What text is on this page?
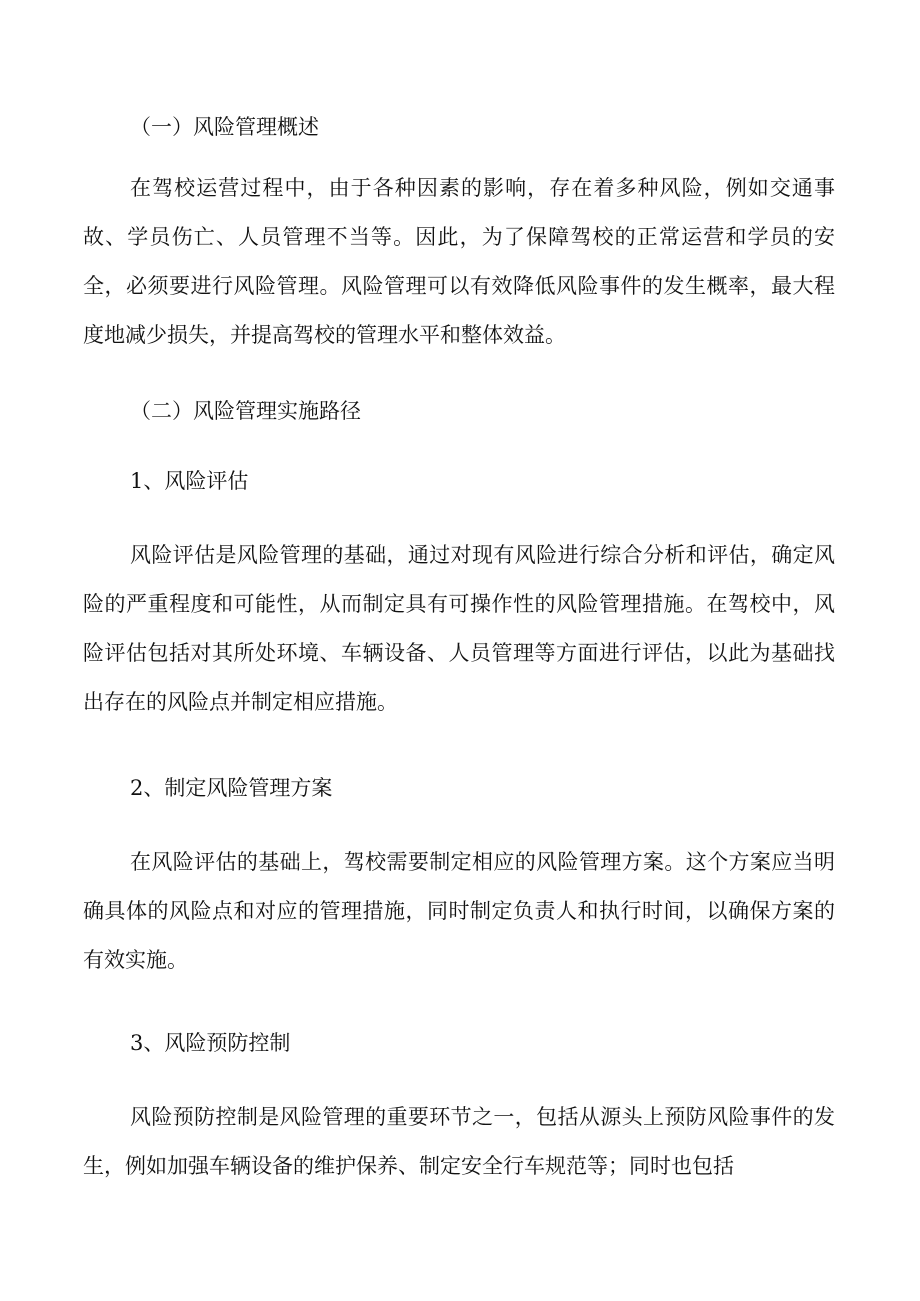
（一）风险管理概述

在驾校运营过程中，由于各种因素的影响，存在着多种风险，例如交通事故、学员伤亡、人员管理不当等。因此，为了保障驾校的正常运营和学员的安全，必须要进行风险管理。风险管理可以有效降低风险事件的发生概率，最大程度地减少损失，并提高驾校的管理水平和整体效益。

（二）风险管理实施路径
1、风险评估

风险评估是风险管理的基础，通过对现有风险进行综合分析和评估，确定风险的严重程度和可能性，从而制定具有可操作性的风险管理措施。在驾校中，风险评估包括对其所处环境、车辆设备、人员管理等方面进行评估，以此为基础找出存在的风险点并制定相应措施。

2、制定风险管理方案

在风险评估的基础上，驾校需要制定相应的风险管理方案。这个方案应当明确具体的风险点和对应的管理措施，同时制定负责人和执行时间，以确保方案的有效实施。

3、风险预防控制

风险预防控制是风险管理的重要环节之一，包括从源头上预防风险事件的发生，例如加强车辆设备的维护保养、制定安全行车规范等；同时也包括
